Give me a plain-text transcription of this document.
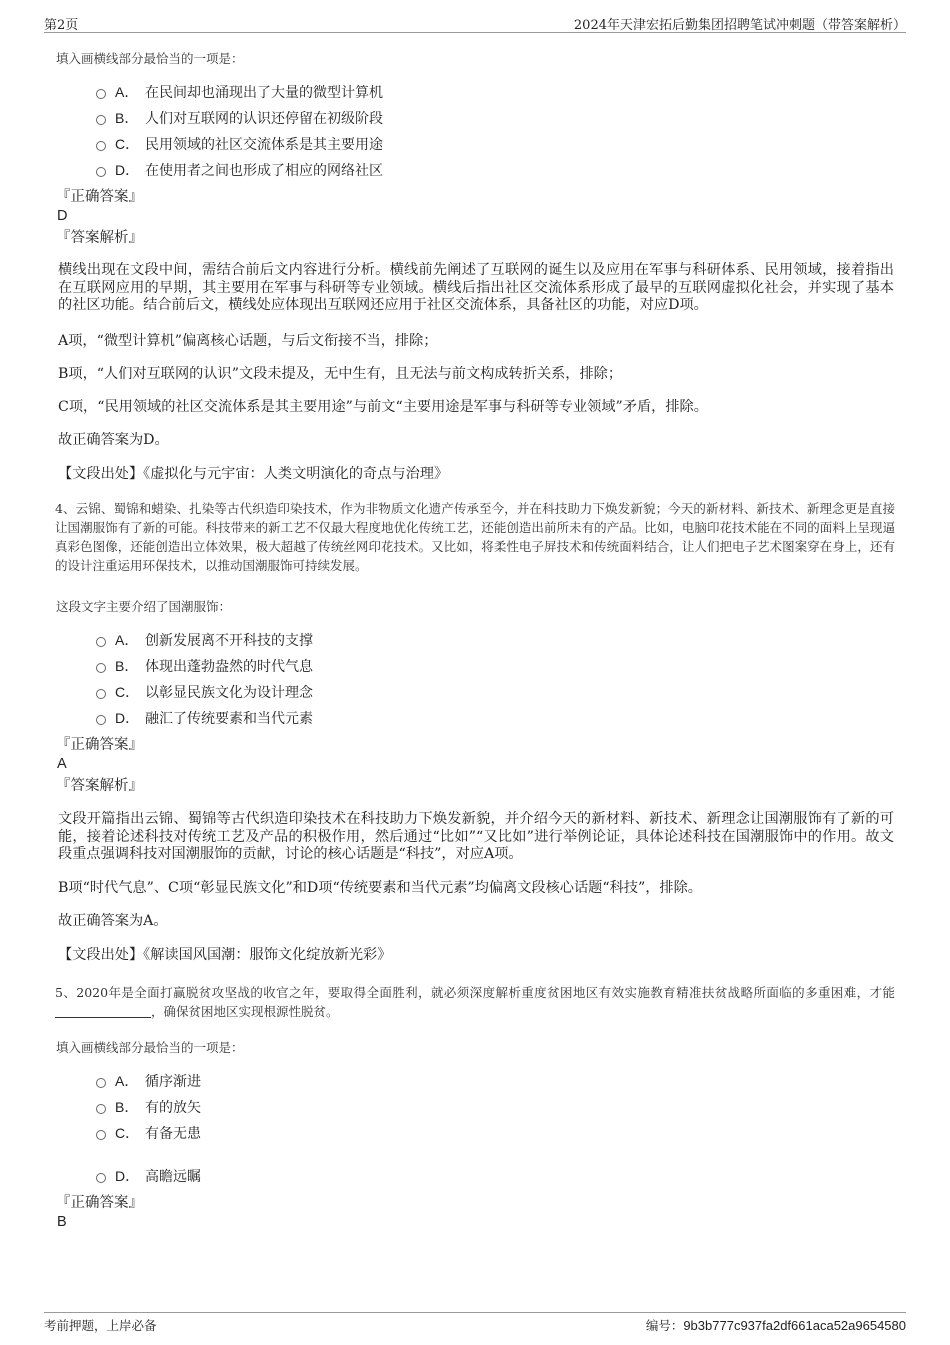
第2页	2024年天津宏拓后勤集团招聘笔试冲刺题（带答案解析）
填入画横线部分最恰当的一项是：
A． 在民间却也涌现出了大量的微型计算机
B． 人们对互联网的认识还停留在初级阶段
C． 民用领域的社区交流体系是其主要用途
D． 在使用者之间也形成了相应的网络社区
『正确答案』
D
『答案解析』
横线出现在文段中间，需结合前后文内容进行分析。横线前先阐述了互联网的诞生以及应用在军事与科研体系、民用领域，接着指出在互联网应用的早期，其主要用在军事与科研等专业领域。横线后指出社区交流体系形成了最早的互联网虚拟化社会，并实现了基本的社区功能。结合前后文，横线处应体现出互联网还应用于社区交流体系，具备社区的功能，对应D项。
A项，“微型计算机”偏离核心话题，与后文衔接不当，排除；
B项，“人们对互联网的认识”文段未提及，无中生有，且无法与前文构成转折关系，排除；
C项，“民用领域的社区交流体系是其主要用途”与前文“主要用途是军事与科研等专业领域”矛盾，排除。
故正确答案为D。
【文段出处】《虚拟化与元宇宙：人类文明演化的奇点与治理》
4、云锦、蜀锦和蜡染、扎染等古代织造印染技术，作为非物质文化遗产传承至今，并在科技助力下焕发新貌；今天的新材料、新技术、新理念更是直接让国潮服饰有了新的可能。科技带来的新工艺不仅最大程度地优化传统工艺，还能创造出前所未有的产品。比如，电脑印花技术能在不同的面料上呈现逼真彩色图像，还能创造出立体效果，极大超越了传统丝网印花技术。又比如，将柔性电子屏技术和传统面料结合，让人们把电子艺术图案穿在身上，还有的设计注重运用环保技术，以推动国潮服饰可持续发展。
这段文字主要介绍了国潮服饰：
A． 创新发展离不开科技的支撑
B． 体现出蓬勃盎然的时代气息
C． 以彰显民族文化为设计理念
D． 融汇了传统要素和当代元素
『正确答案』
A
『答案解析』
文段开篇指出云锦、蜀锦等古代织造印染技术在科技助力下焕发新貌，并介绍今天的新材料、新技术、新理念让国潮服饰有了新的可能，接着论述科技对传统工艺及产品的积极作用，然后通过“比如”“又比如”进行举例论证，具体论述科技在国潮服饰中的作用。故文段重点强调科技对国潮服饰的贡献，讨论的核心话题是“科技”，对应A项。
B项“时代气息”、C项“彰显民族文化”和D项“传统要素和当代元素”均偏离文段核心话题“科技”，排除。
故正确答案为A。
【文段出处】《解读国风国潮：服饰文化绽放新光彩》
5、2020年是全面打赢脱贫攻坚战的收官之年，要取得全面胜利，就必须深度解析重度贫困地区有效实施教育精准扶贫战略所面临的多重困难，才能 ，确保贫困地区实现根源性脱贫。
填入画横线部分最恰当的一项是：
A． 循序渐进
B． 有的放矢
C． 有备无患
D． 高瞻远瞩
『正确答案』
B
考前押题，上岸必备	编号：9b3b777c937fa2df661aca52a9654580
